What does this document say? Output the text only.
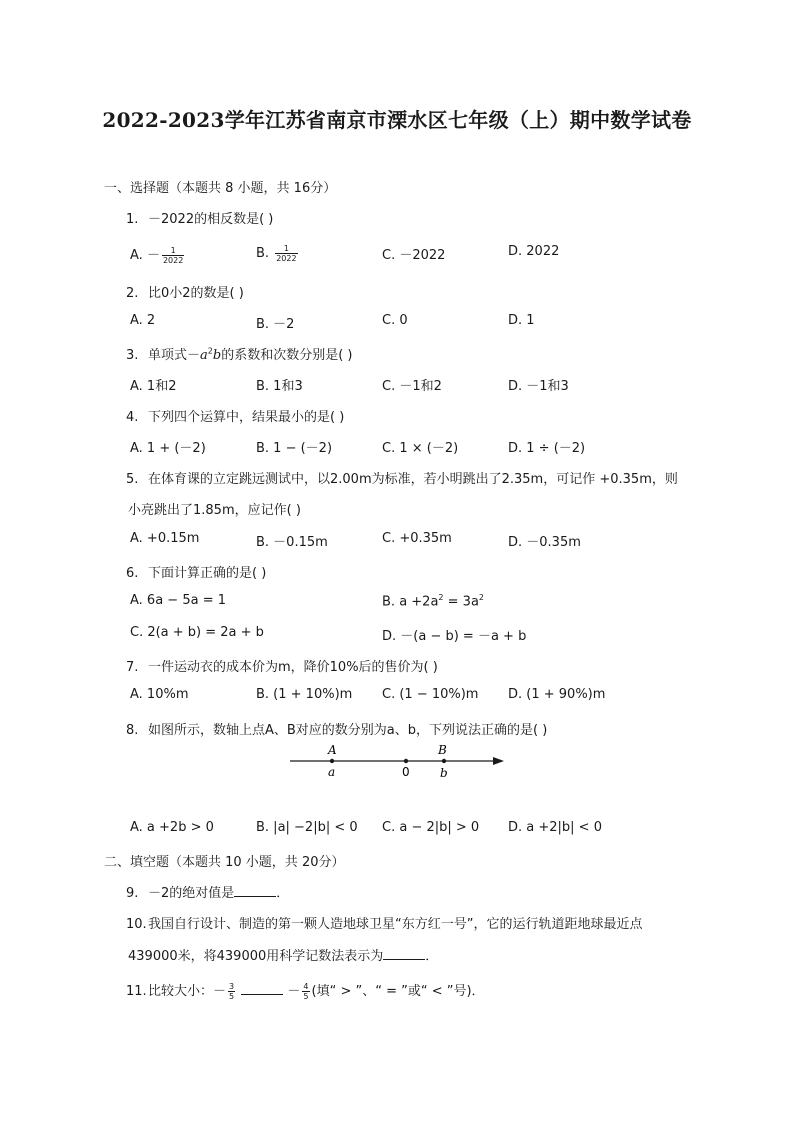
2022-2023学年江苏省南京市溧水区七年级（上）期中数学试卷
一、选择题（本题共 8 小题，共 16分）
1. －2022的相反数是( )
A. － $\frac{1}{2022}$	B. $\frac{1}{2022}$	C. －2022	D. 2022
2. 比0小2的数是( )
A. 2	B. －2	C. 0	D. 1
3. 单项式$-a^2b$的系数和次数分别是( )
A. 1和2	B. 1和3	C. －1和2	D. －1和3
4. 下列四个运算中，结果最小的是( )
A. 1 + (－2)	B. 1 − (－2)	C. 1 × (－2)	D. 1 ÷ (－2)
5. 在体育课的立定跳远测试中，以2.00m为标准，若小明跳出了2.35m，可记作 +0.35m，则
小亮跳出了1.85m，应记作( )
A. +0.15m	B. －0.15m	C. +0.35m	D. －0.35m
6. 下面计算正确的是( )
A. 6a − 5a = 1	B. $a +2a^2 = 3a^2$
C. 2(a + b) = 2a + b	D. －(a − b) = －a + b
7. 一件运动衣的成本价为m，降价10%后的售价为( )
A. 10%m	B. (1 + 10%)m C. (1 − 10%)m D. (1 + 90%)m
8. 如图所示，数轴上点A、B对应的数分别为a、b，下列说法正确的是( )
A	B
a	0	b
A. a +2b > 0	B. |a| −2|b| < 0 C. a − 2|b| > 0 D. a +2|b| < 0
二、填空题（本题共 10 小题，共 20分）
9. －2的绝对值是	．
10.我国自行设计、制造的第一颗人造地球卫星“东方红一号”，它的运行轨道距地球最近点
439000米，将439000用科学记数法表示为	．
11.比较大小：－ $\frac{3}{5}$	－ $\frac{4}{5}$ (填“ > ”、“ = ”或“ < ”号)．
